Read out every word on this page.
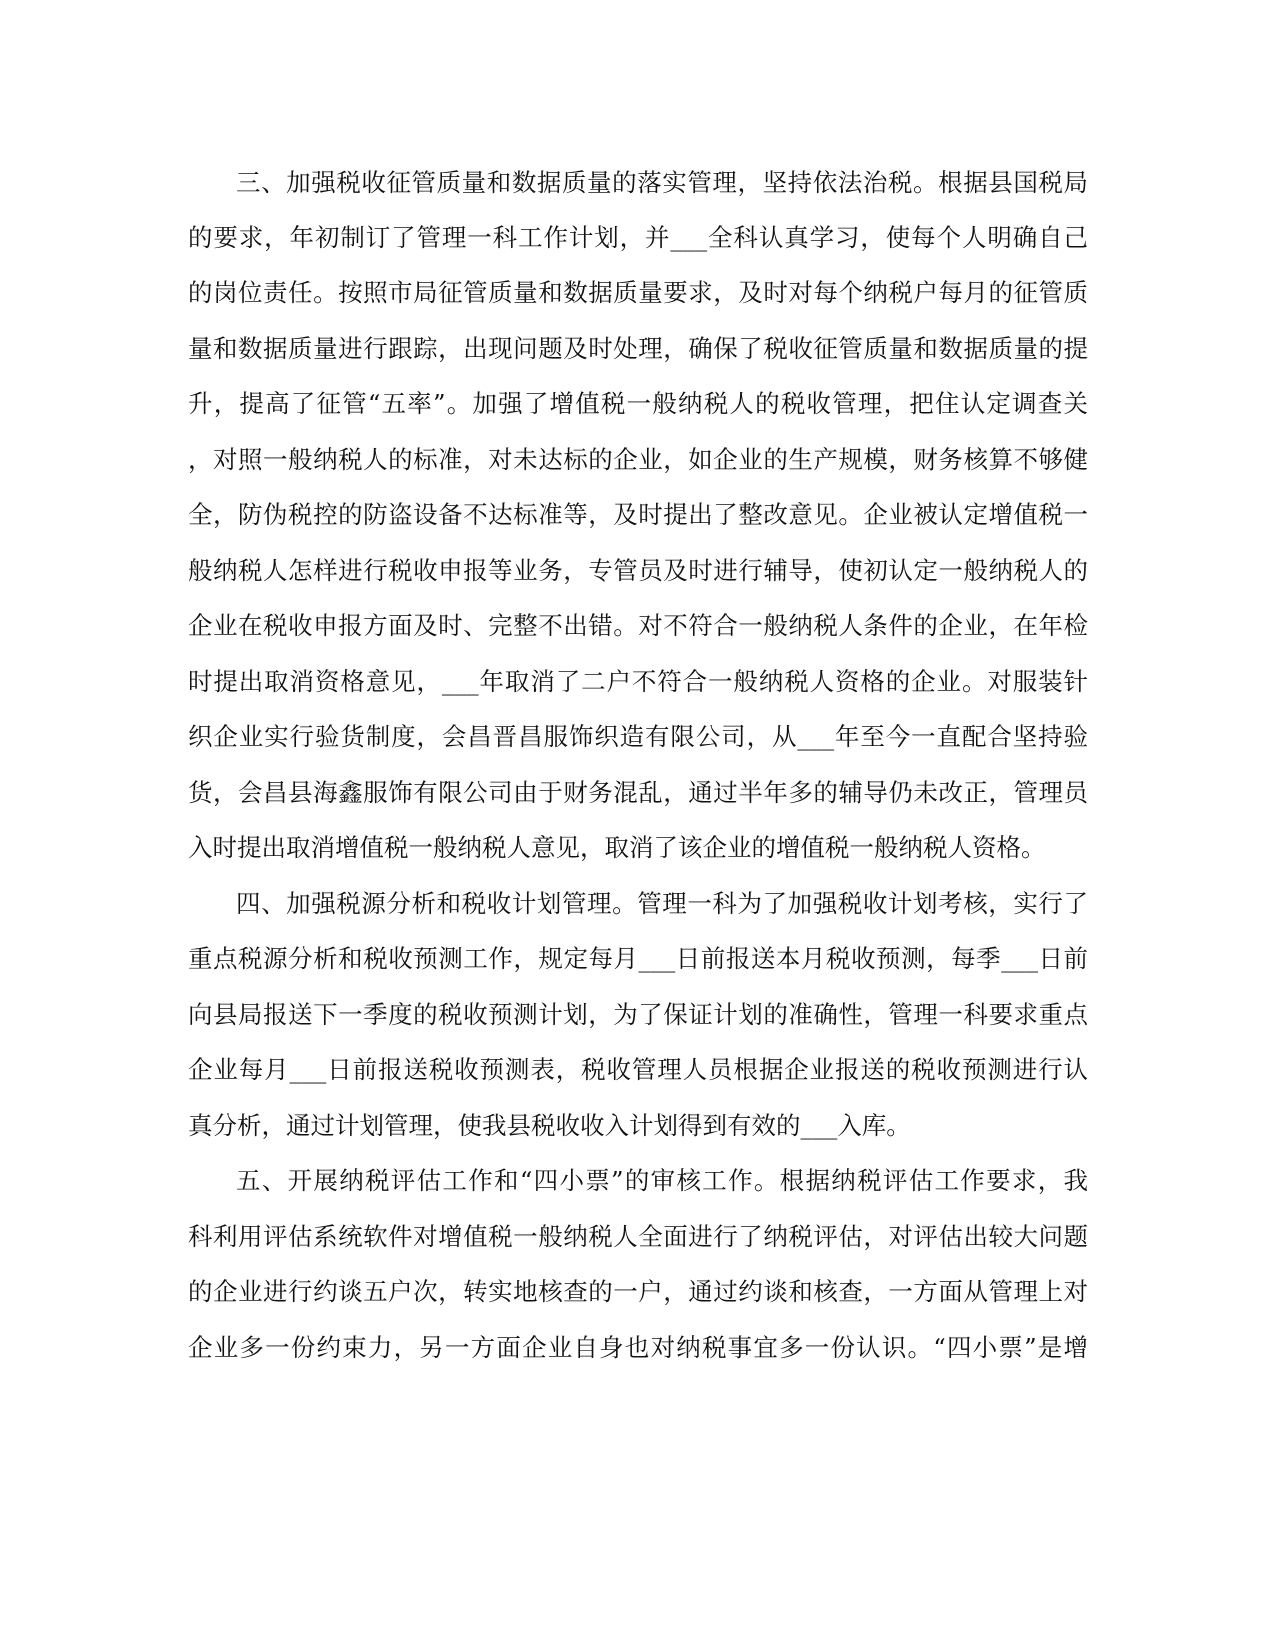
三、加强税收征管质量和数据质量的落实管理，坚持依法治税。根据县国税局
的要求，年初制订了管理一科工作计划，并___全科认真学习，使每个人明确自己
的岗位责任。按照市局征管质量和数据质量要求，及时对每个纳税户每月的征管质
量和数据质量进行跟踪，出现问题及时处理，确保了税收征管质量和数据质量的提
升，提高了征管“五率”。加强了增值税一般纳税人的税收管理，把住认定调查关
，对照一般纳税人的标准，对未达标的企业，如企业的生产规模，财务核算不够健
全，防伪税控的防盗设备不达标准等，及时提出了整改意见。企业被认定增值税一
般纳税人怎样进行税收申报等业务，专管员及时进行辅导，使初认定一般纳税人的
企业在税收申报方面及时、完整不出错。对不符合一般纳税人条件的企业，在年检
时提出取消资格意见，___年取消了二户不符合一般纳税人资格的企业。对服装针
织企业实行验货制度，会昌晋昌服饰织造有限公司，从___年至今一直配合坚持验
货，会昌县海鑫服饰有限公司由于财务混乱，通过半年多的辅导仍未改正，管理员
入时提出取消增值税一般纳税人意见，取消了该企业的增值税一般纳税人资格。
四、加强税源分析和税收计划管理。管理一科为了加强税收计划考核，实行了
重点税源分析和税收预测工作，规定每月___日前报送本月税收预测，每季___日前
向县局报送下一季度的税收预测计划，为了保证计划的准确性，管理一科要求重点
企业每月___日前报送税收预测表，税收管理人员根据企业报送的税收预测进行认
真分析，通过计划管理，使我县税收收入计划得到有效的___入库。
五、开展纳税评估工作和“四小票”的审核工作。根据纳税评估工作要求，我
科利用评估系统软件对增值税一般纳税人全面进行了纳税评估，对评估出较大问题
的企业进行约谈五户次，转实地核查的一户，通过约谈和核查，一方面从管理上对
企业多一份约束力，另一方面企业自身也对纳税事宜多一份认识。“四小票”是增
